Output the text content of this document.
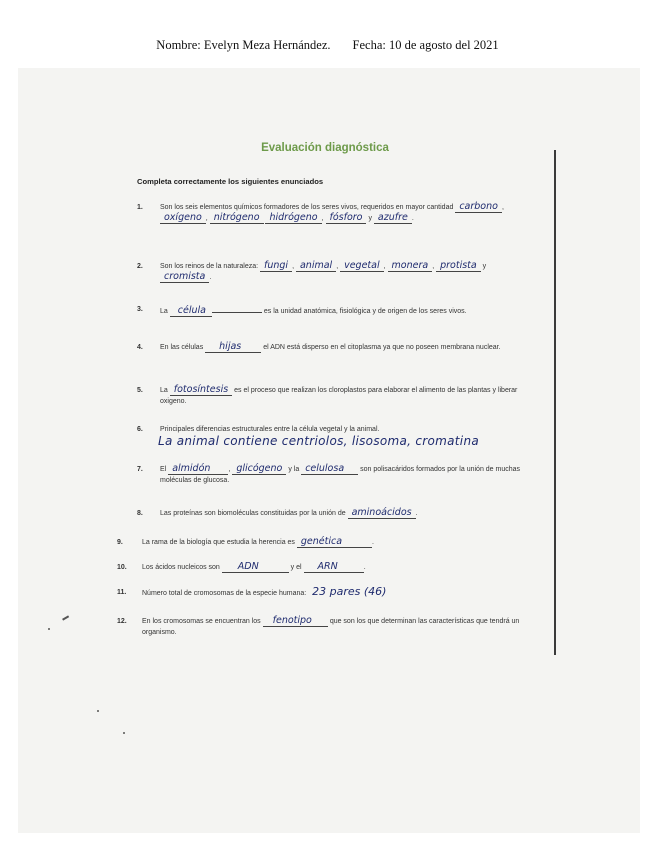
Nombre: Evelyn Meza Hernández. Fecha: 10 de agosto del 2021
Evaluación diagnóstica
Completa correctamente los siguientes enunciados
1. Son los seis elementos químicos formadores de los seres vivos, requeridos en mayor cantidad carbono , oxígeno , nitrógeno hidrógeno , fósforo y azufre .
2. Son los reinos de la naturaleza: fungi , animal , vegetal , monera , protista y cromista .
3. La célula	es la unidad anatómica, fisiológica y de origen de los seres vivos.
4. En las células hijas	el ADN está disperso en el citoplasma ya que no poseen membrana nuclear.
5. La fotosíntesis es el proceso que realizan los cloroplastos para elaborar el alimento de las plantas y liberar oxigeno.
6. Principales diferencias estructurales entre la célula vegetal y la animal.
La animal contiene centriolos, lisosoma, cromatina
7. El almidón	, glicógeno y la celulosa son polisacáridos formados por la unión de muchas moléculas de glucosa.
8. Las proteínas son biomoléculas constituidas por la unión de aminoácidos .
9.	La rama de la biología que estudia la herencia es genética	.
10. Los ácidos nucleicos son ADN	y el ARN	.
11. Número total de cromosomas de la especie humana: 23 pares (46)
12. En los cromosomas se encuentran los fenotipo	que son los que determinan las características que tendrá un organismo.
